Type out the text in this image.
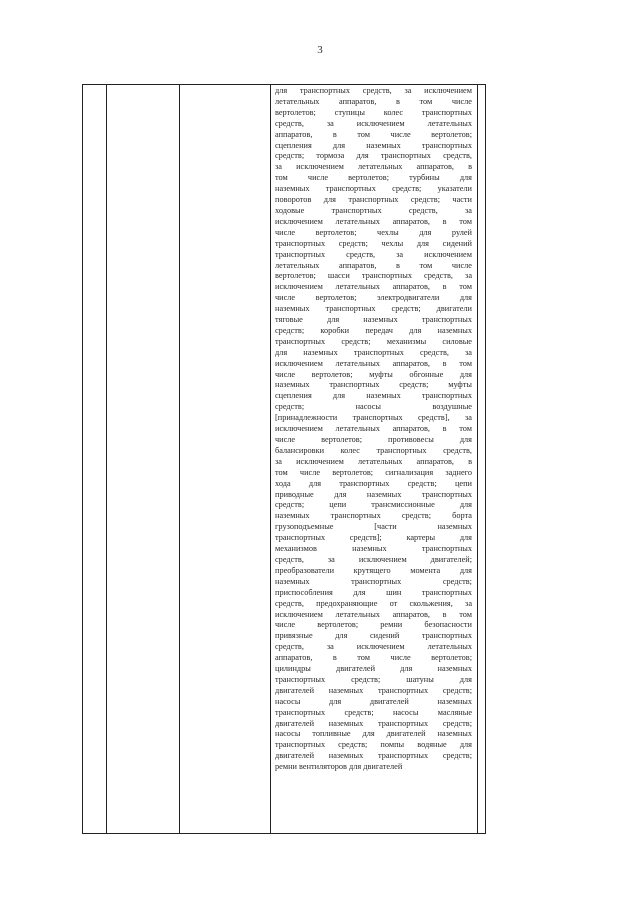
3
для транспортных средств, за исключением
летательных аппаратов, в том числе
вертолетов; ступицы колес транспортных
средств, за исключением летательных
аппаратов, в том числе вертолетов;
сцепления для наземных транспортных
средств; тормоза для транспортных средств,
за исключением летательных аппаратов, в
том числе вертолетов; турбины для
наземных транспортных средств; указатели
поворотов для транспортных средств; части
ходовые транспортных средств, за
исключением летательных аппаратов, в том
числе вертолетов; чехлы для рулей
транспортных средств; чехлы для сидений
транспортных средств, за исключением
летательных аппаратов, в том числе
вертолетов; шасси транспортных средств, за
исключением летательных аппаратов, в том
числе вертолетов; электродвигатели для
наземных транспортных средств; двигатели
тяговые для наземных транспортных
средств; коробки передач для наземных
транспортных средств; механизмы силовые
для наземных транспортных средств, за
исключением летательных аппаратов, в том
числе вертолетов; муфты обгонные для
наземных транспортных средств; муфты
сцепления для наземных транспортных
средств; насосы воздушные
[принадлежности транспортных средств], за
исключением летательных аппаратов, в том
числе вертолетов; противовесы для
балансировки колес транспортных средств,
за исключением летательных аппаратов, в
том числе вертолетов; сигнализация заднего
хода для транспортных средств; цепи
приводные для наземных транспортных
средств; цепи трансмиссионные для
наземных транспортных средств; борта
грузоподъемные [части наземных
транспортных средств]; картеры для
механизмов наземных транспортных
средств, за исключением двигателей;
преобразователи крутящего момента для
наземных транспортных средств;
приспособления для шин транспортных
средств, предохраняющие от скольжения, за
исключением летательных аппаратов, в том
числе вертолетов; ремни безопасности
привязные для сидений транспортных
средств, за исключением летательных
аппаратов, в том числе вертолетов;
цилиндры двигателей для наземных
транспортных средств; шатуны для
двигателей наземных транспортных средств;
насосы для двигателей наземных
транспортных средств; насосы масляные
двигателей наземных транспортных средств;
насосы топливные для двигателей наземных
транспортных средств; помпы водяные для
двигателей наземных транспортных средств;
ремни вентиляторов для двигателей
